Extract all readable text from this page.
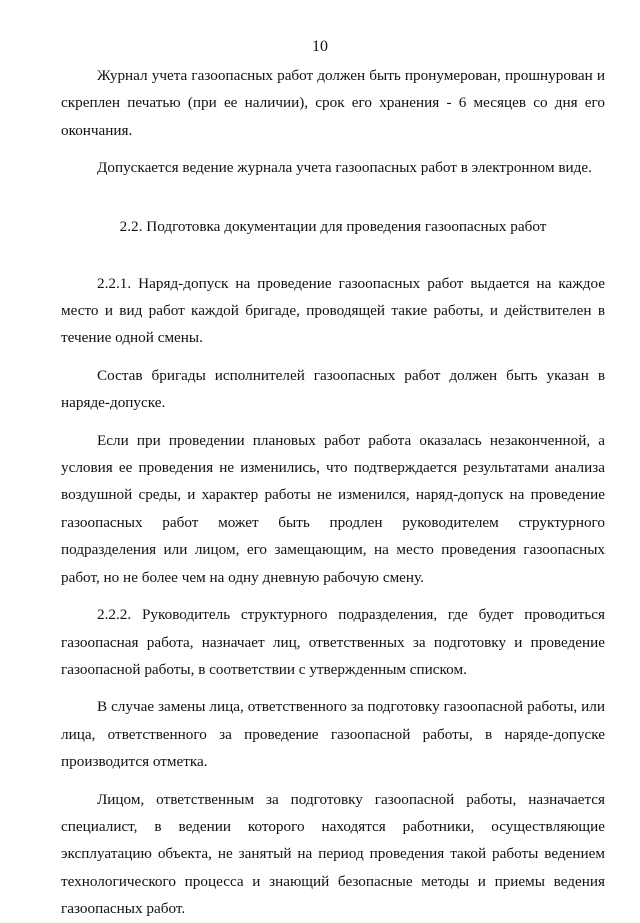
10

Журнал учета газоопасных работ должен быть пронумерован, прошнурован и скреплен печатью (при ее наличии), срок его хранения - 6 месяцев со дня его окончания.

Допускается ведение журнала учета газоопасных работ в электронном виде.

2.2. Подготовка документации для проведения газоопасных работ

2.2.1. Наряд-допуск на проведение газоопасных работ выдается на каждое место и вид работ каждой бригаде, проводящей такие работы, и действителен в течение одной смены.

Состав бригады исполнителей газоопасных работ должен быть указан в наряде-допуске.

Если при проведении плановых работ работа оказалась незаконченной, а условия ее проведения не изменились, что подтверждается результатами анализа воздушной среды, и характер работы не изменился, наряд-допуск на проведение газоопасных работ может быть продлен руководителем структурного подразделения или лицом, его замещающим, на место проведения газоопасных работ, но не более чем на одну дневную рабочую смену.

2.2.2. Руководитель структурного подразделения, где будет проводиться газоопасная работа, назначает лиц, ответственных за подготовку и проведение газоопасной работы, в соответствии с утвержденным списком.

В случае замены лица, ответственного за подготовку газоопасной работы, или лица, ответственного за проведение газоопасной работы, в наряде-допуске производится отметка.

Лицом, ответственным за подготовку газоопасной работы, назначается специалист, в ведении которого находятся работники, осуществляющие эксплуатацию объекта, не занятый на период проведения такой работы ведением технологического процесса и знающий безопасные методы и приемы ведения газоопасных работ.
